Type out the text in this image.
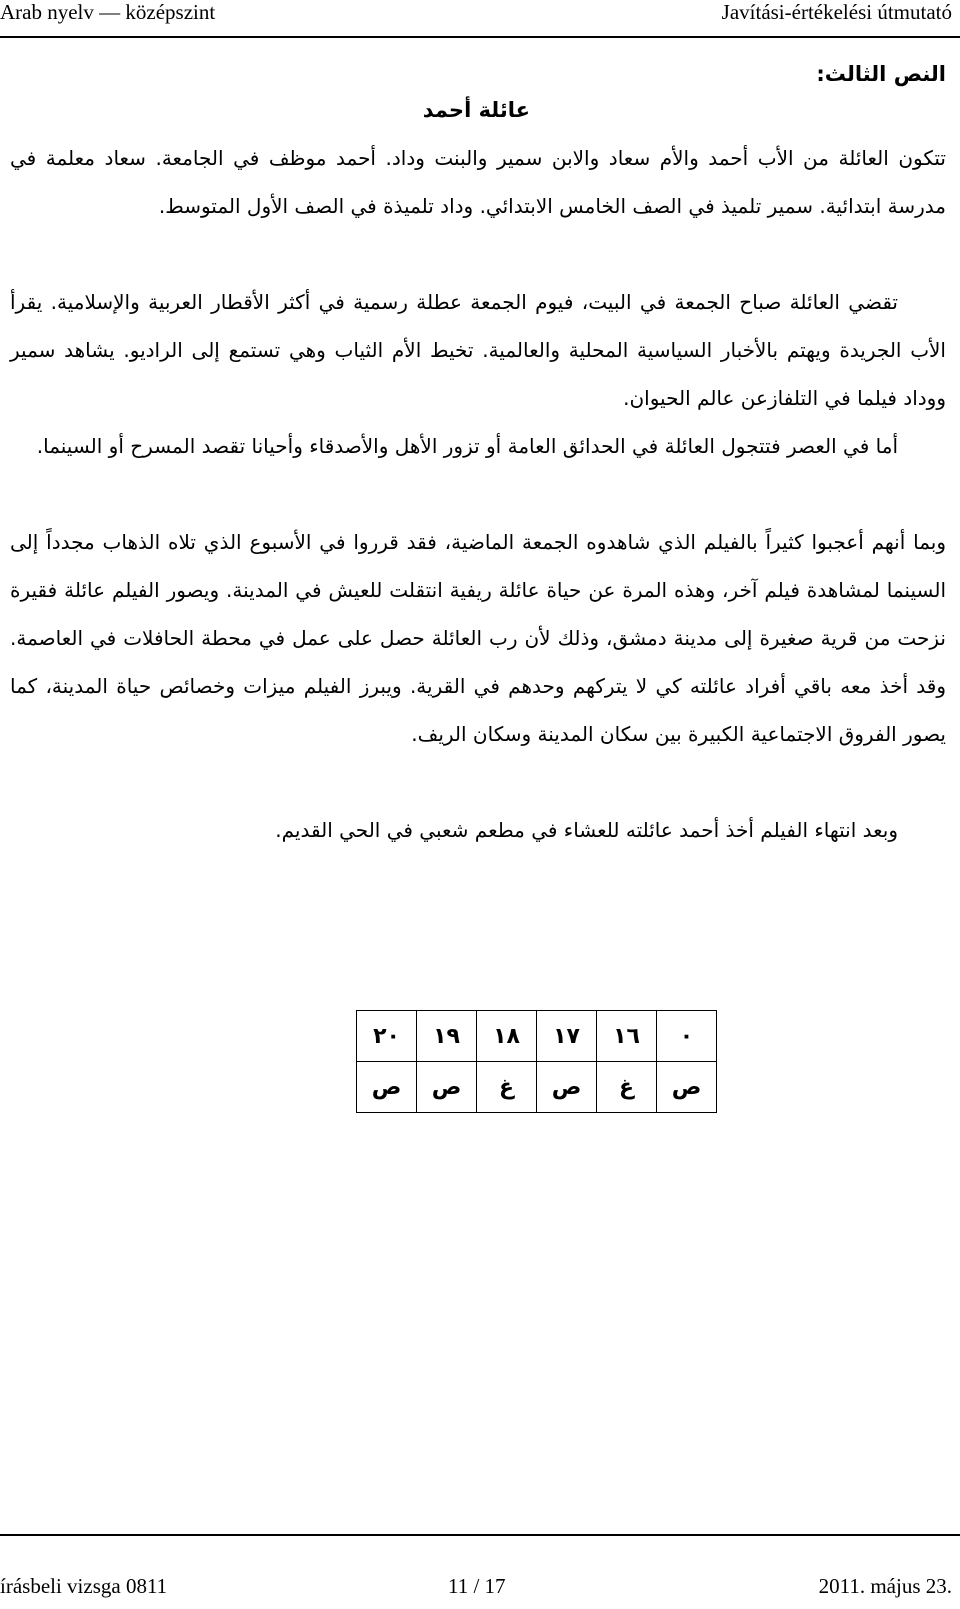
Arab nyelv — középszint	Javítási-értékelési útmutató
النص الثالث:
عائلة أحمد

تتكون العائلة من الأب أحمد والأم سعاد والابن سمير والبنت وداد. أحمد موظف في الجامعة. سعاد معلمة في مدرسة ابتدائية. سمير تلميذ في الصف الخامس الابتدائي. وداد تلميذة في الصف الأول المتوسط.

تقضي العائلة صباح الجمعة في البيت، فيوم الجمعة عطلة رسمية في أكثر الأقطار العربية والإسلامية. يقرأ الأب الجريدة ويهتم بالأخبار السياسية المحلية والعالمية. تخيط الأم الثياب وهي تستمع إلى الراديو. يشاهد سمير ووداد فيلما في التلفازعن عالم الحيوان.

أما في العصر فتتجول العائلة في الحدائق العامة أو تزور الأهل والأصدقاء وأحيانا تقصد المسرح أو السينما.

وبما أنهم أعجبوا كثيراً بالفيلم الذي شاهدوه الجمعة الماضية، فقد قرروا في الأسبوع الذي تلاه الذهاب مجدداً إلى السينما لمشاهدة فيلم آخر، وهذه المرة عن حياة عائلة ريفية انتقلت للعيش في المدينة. ويصور الفيلم عائلة فقيرة نزحت من قرية صغيرة إلى مدينة دمشق، وذلك لأن رب العائلة حصل على عمل في محطة الحافلات في العاصمة. وقد أخذ معه باقي أفراد عائلته كي لا يتركهم وحدهم في القرية. ويبرز الفيلم ميزات وخصائص حياة المدينة، كما يصور الفروق الاجتماعية الكبيرة بين سكان المدينة وسكان الريف.

وبعد انتهاء الفيلم أخذ أحمد عائلته للعشاء في مطعم شعبي في الحي القديم.

٠	١٦	١٧	١٨	١٩	٢٠
ص	غ	ص	غ	ص	ص
írásbeli vizsga 0811	11 / 17	2011. május 23.
